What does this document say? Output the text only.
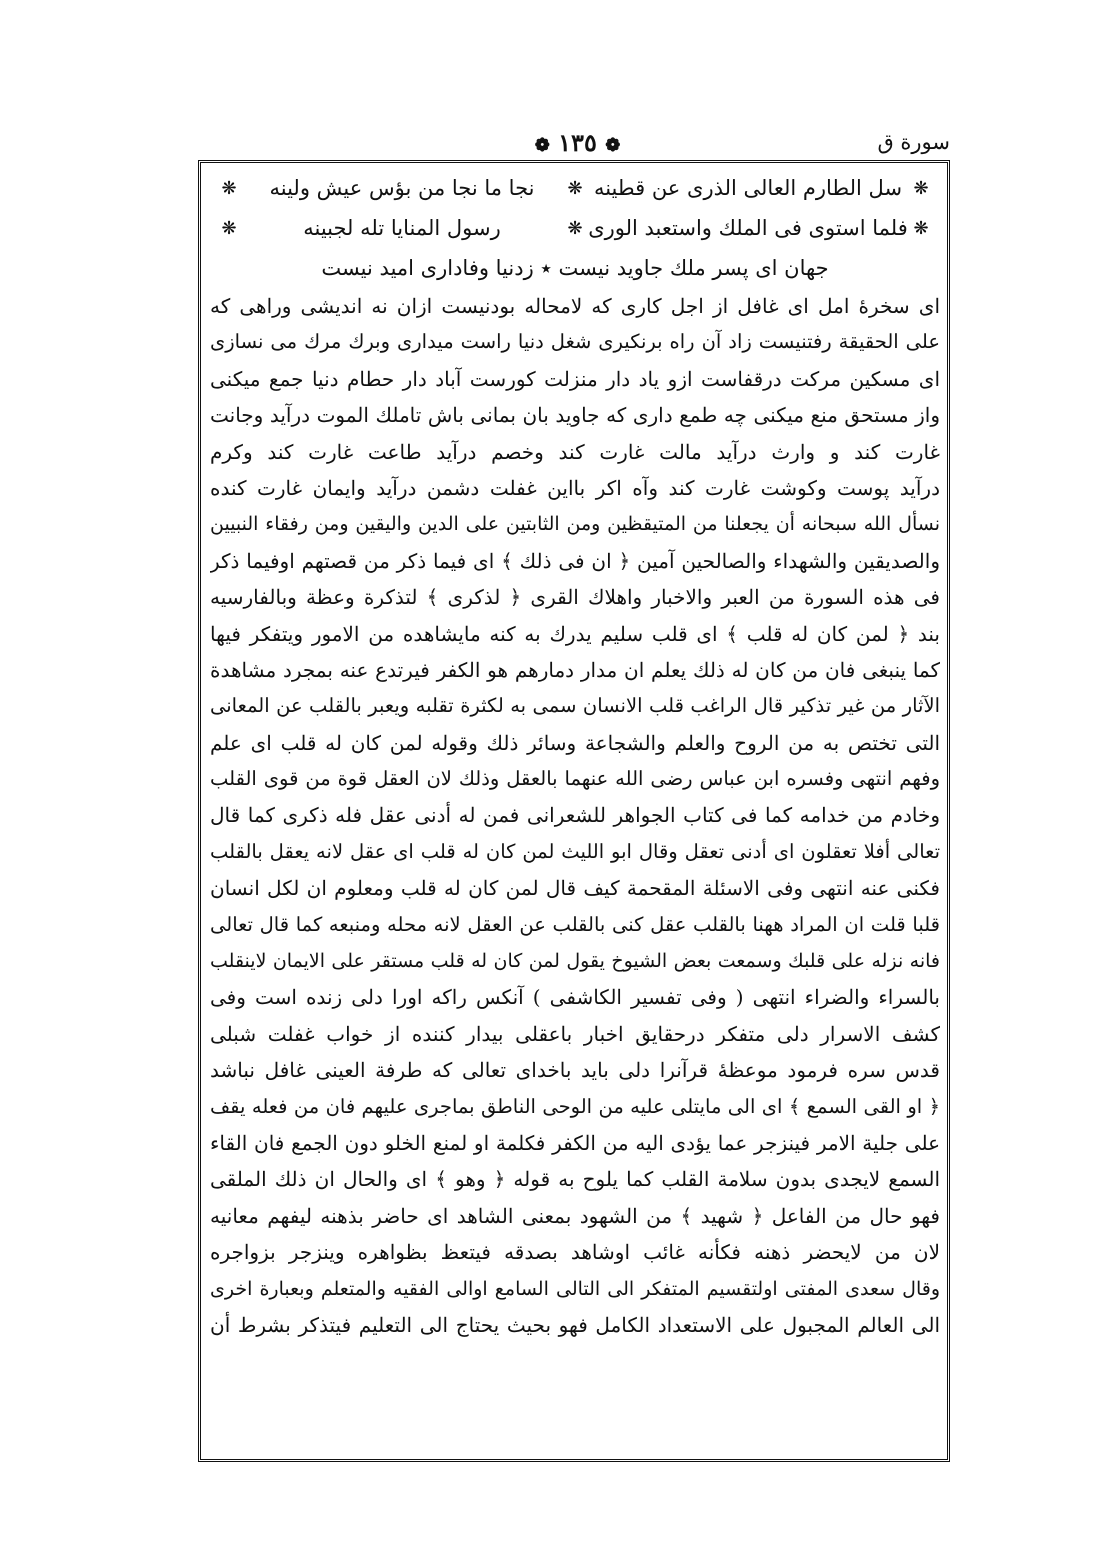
سورة ق
❁ ١٣٥ ❁
❋
سل الطارم العالى الذرى عن قطينه
❋
نجا ما نجا من بؤس عيش ولينه
❋
❋
فلما استوى فى الملك واستعبد الورى
❋
رسول المنايا تله لجبينه
❋
جهان اى پسر ملك جاويد نيست ٭ زدنيا وفادارى اميد نيست
اى سخرهٔ امل اى غافل از اجل كارى كه لامحاله بودنيست ازان نه انديشى وراهى كه
على الحقيقة رفتنيست زاد آن راه برنكيرى شغل دنيا راست ميدارى وبرك مرك مى نسازى
اى مسكين مركت درقفاست ازو ياد دار منزلت كورست آباد دار حطام دنيا جمع ميكنى
واز مستحق منع ميكنى چه طمع دارى كه جاويد بان بمانى باش تاملك الموت درآيد وجانت
غارت كند و وارث درآيد مالت غارت كند وخصم درآيد طاعت غارت كند وكرم
درآيد پوست وكوشت غارت كند وآه اكر بااين غفلت دشمن درآيد وايمان غارت كنده
نسأل الله سبحانه أن يجعلنا من المتيقظين ومن الثابتين على الدين واليقين ومن رفقاء النبيين
والصديقين والشهداء والصالحين آمين ﴿ ان فى ذلك ﴾ اى فيما ذكر من قصتهم اوفيما ذكر
فى هذه السورة من العبر والاخبار واهلاك القرى ﴿ لذكرى ﴾ لتذكرة وعظة وبالفارسيه
بند ﴿ لمن كان له قلب ﴾ اى قلب سليم يدرك به كنه مايشاهده من الامور ويتفكر فيها
كما ينبغى فان من كان له ذلك يعلم ان مدار دمارهم هو الكفر فيرتدع عنه بمجرد مشاهدة
الآثار من غير تذكير قال الراغب قلب الانسان سمى به لكثرة تقلبه ويعبر بالقلب عن المعانى
التى تختص به من الروح والعلم والشجاعة وسائر ذلك وقوله لمن كان له قلب اى علم
وفهم انتهى وفسره ابن عباس رضى الله عنهما بالعقل وذلك لان العقل قوة من قوى القلب
وخادم من خدامه كما فى كتاب الجواهر للشعرانى فمن له أدنى عقل فله ذكرى كما قال
تعالى أفلا تعقلون اى أدنى تعقل وقال ابو الليث لمن كان له قلب اى عقل لانه يعقل بالقلب
فكنى عنه انتهى وفى الاسئلة المقحمة كيف قال لمن كان له قلب ومعلوم ان لكل انسان
قلبا قلت ان المراد ههنا بالقلب عقل كنى بالقلب عن العقل لانه محله ومنبعه كما قال تعالى
فانه نزله على قلبك وسمعت بعض الشيوخ يقول لمن كان له قلب مستقر على الايمان لاينقلب
بالسراء والضراء انتهى ( وفى تفسير الكاشفى ) آنكس راكه اورا دلى زنده است وفى
كشف الاسرار دلى متفكر درحقايق اخبار باعقلى بيدار كننده از خواب غفلت شبلى
قدس سره فرمود موعظهٔ قرآنرا دلى بايد باخداى تعالى كه طرفة العينى غافل نباشد
﴿ او القى السمع ﴾ اى الى مايتلى عليه من الوحى الناطق بماجرى عليهم فان من فعله يقف
على جلية الامر فينزجر عما يؤدى اليه من الكفر فكلمة او لمنع الخلو دون الجمع فان القاء
السمع لايجدى بدون سلامة القلب كما يلوح به قوله ﴿ وهو ﴾ اى والحال ان ذلك الملقى
فهو حال من الفاعل ﴿ شهيد ﴾ من الشهود بمعنى الشاهد اى حاضر بذهنه ليفهم معانيه
لان من لايحضر ذهنه فكأنه غائب اوشاهد بصدقه فيتعظ بظواهره وينزجر بزواجره
وقال سعدى المفتى اولتقسيم المتفكر الى التالى السامع اوالى الفقيه والمتعلم وبعبارة اخرى
الى العالم المجبول على الاستعداد الكامل فهو بحيث يحتاج الى التعليم فيتذكر بشرط أن
